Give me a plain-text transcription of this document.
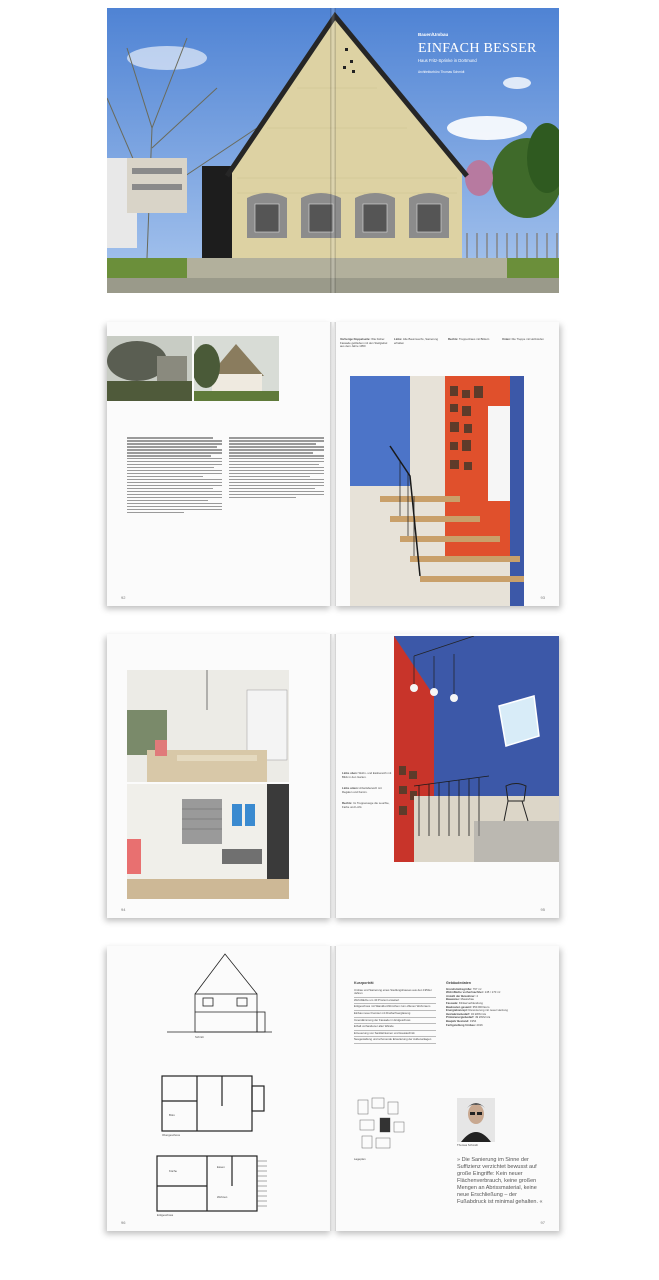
Bauen/Umbau
EINFACH BESSER
Haus Fritz-Sprinke in Dortmund
Architekturbüro Thomas Schmidt
92
Vorherige Doppelseite: Wie bisher. Fassade geblieben mit den Steilgiebel aus dem Jahre 1950
Links: Alte Baumwuchs, Sanierung erhalten
Rechts: Treppenhaus mit Bildern	Unten: Die Treppe mit Holzstufen
93
94
Links oben: Wohn- und Essbereich mit Blick in den Garten.
Links unten: Arbeitsbereich mit Regalen und Kamin.
Rechts: Im Treppenauge die Leuchte, Farbe und Licht.
95
Schnitt
Obergeschoss
Erdgeschoss
Küche
Wohnen
Essen
Büro
96
Kurzporträt
Umbau und Sanierung eines Siedlungshauses aus den 1950er Jahren
Wohnfläche um 40 Prozent erweitert
Erdgeschoss mit Wanddurchbrüchen zum offenen Wohnraum
Einbau neuer Fenster mit Dreifachverglasung
Innendämmung der Fassade im Erdgeschoss
Erhalt vorhandener alter Wände
Erneuerung von Sanitärräumen und Haustechnik
Neugestaltung und schonende Erweiterung der Außenanlagen
Gebäudedaten
Grundstücksgröße: 797 m²
Wohnfläche vorher/nachher: 145 / 170 m²
Anzahl der Bewohner: 4
Bauweise: Massivbau
Fassade: Klinkerverblendung
Baukosten gesamt: 350.000 Euro
Energiekonzept: Renovierung mit neuer Heizung
Heizwärmebedarf: 34 kWh/m²a
Primärenergiebedarf: 49 kWh/m²a
Baujahr Bestand: 1954
Fertigstellung Umbau: 2016
Lageplan
Thomas Schmidt
» Die Sanierung im Sinne der Suffizienz verzichtet bewusst auf große Eingriffe: Kein neuer Flächenverbrauch, keine großen Mengen an Abrissmaterial, keine neue Erschließung – der Fußabdruck ist minimal gehalten. «
97
